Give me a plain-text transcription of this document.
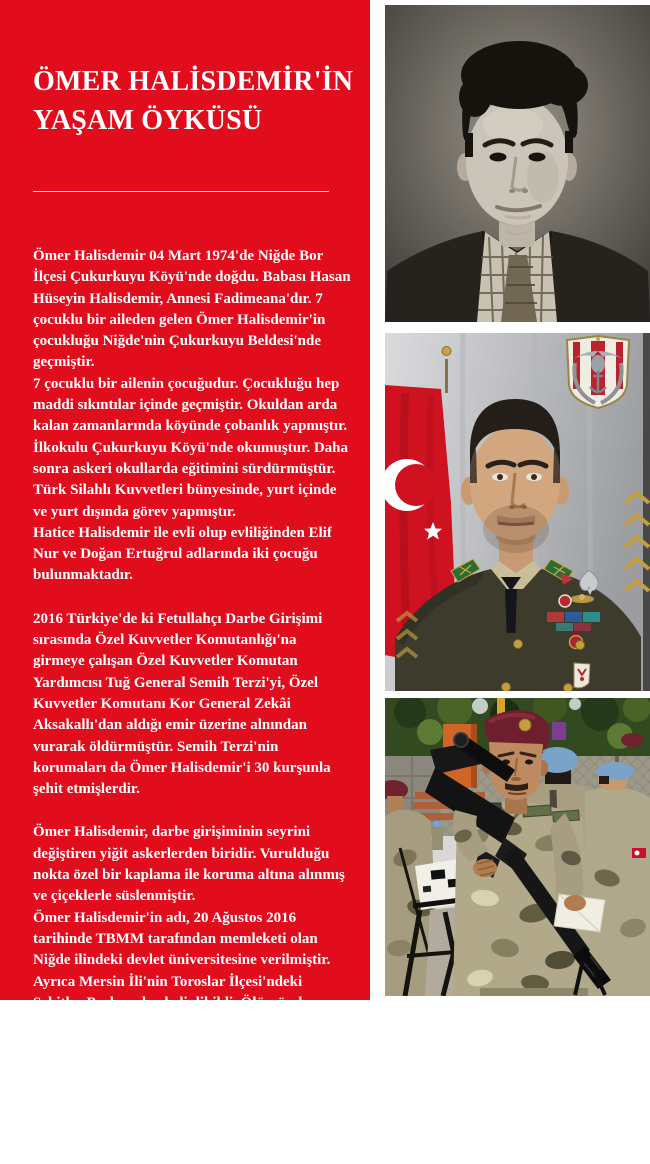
ÖMER HALİSDEMİR'İN
YAŞAM ÖYKÜSÜ

Ömer Halisdemir 04 Mart 1974'de Niğde Bor İlçesi Çukurkuyu Köyü'nde doğdu. Babası Hasan Hüseyin Halisdemir, Annesi Fadimeana'dır. 7 çocuklu bir aileden gelen Ömer Halisdemir'in çocukluğu Niğde'nin Çukurkuyu Beldesi'nde geçmiştir.

7 çocuklu bir ailenin çocuğudur. Çocukluğu hep maddi sıkıntılar içinde geçmiştir. Okuldan arda kalan zamanlarında köyünde çobanlık yapmıştır. İlkokulu Çukurkuyu Köyü'nde okumuştur. Daha sonra askeri okullarda eğitimini sürdürmüştür. Türk Silahlı Kuvvetleri bünyesinde, yurt içinde ve yurt dışında görev yapmıştır.

Hatice Halisdemir ile evli olup evliliğinden Elif Nur ve Doğan Ertuğrul adlarında iki çocuğu bulunmaktadır.

2016 Türkiye'de ki Fetullahçı Darbe Girişimi sırasında Özel Kuvvetler Komutanlığı'na girmeye çalışan Özel Kuvvetler Komutan Yardımcısı Tuğ General Semih Terzi'yi, Özel Kuvvetler Komutanı Kor General Zekâi Aksakallı'dan aldığı emir üzerine alnından vurarak öldürmüştür. Semih Terzi'nin korumaları da Ömer Halisdemir'i 30 kurşunla şehit etmişlerdir.

Ömer Halisdemir, darbe girişiminin seyrini değiştiren yiğit askerlerden biridir. Vurulduğu nokta özel bir kaplama ile koruma altına alınmış ve çiçeklerle süslenmiştir.

Ömer Halisdemir'in adı, 20 Ağustos 2016 tarihinde TBMM tarafından memleketi olan Niğde ilindeki devlet üniversitesine verilmiştir.

Ayrıca Mersin İli'nin Toroslar İlçesi'ndeki Şehitler Parkına heykeli dikildi. Ölümünden sonra birçok meydan, cadde, okul ve öğrenci yurtlarına adı verildi.

Niğde'de kendisi için bir hatıra ormanı oluşturuldu. Ayrıca Ömer Halsidemir'in yaşam öyküsünü ve gösterdiği kahramanlıkları anlatan belgesel film hazırlandı.
